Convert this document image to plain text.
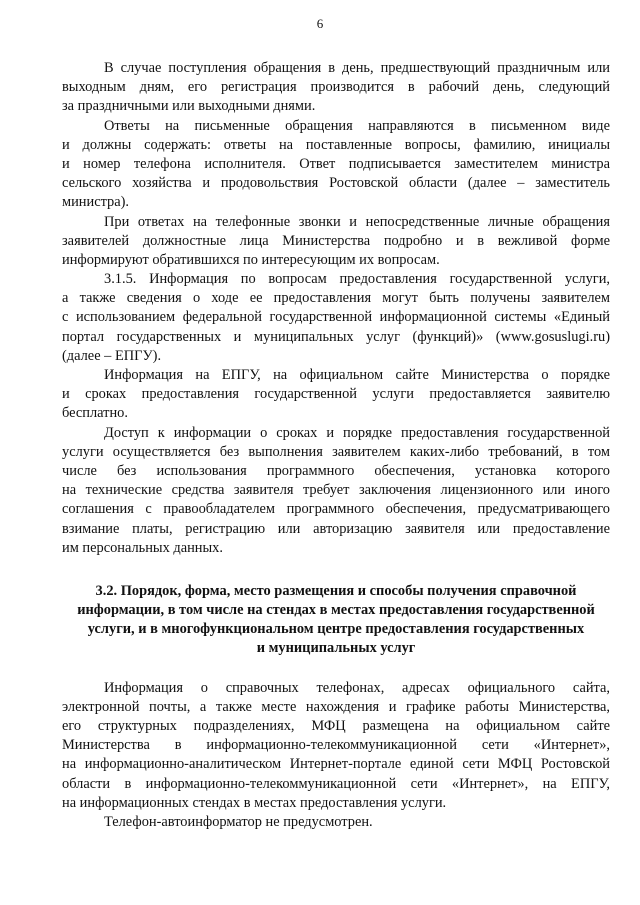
6
В случае поступления обращения в день, предшествующий праздничным или
выходным дням, его регистрация производится в рабочий день, следующий
за праздничными или выходными днями.
Ответы на письменные обращения направляются в письменном виде
и должны содержать: ответы на поставленные вопросы, фамилию, инициалы
и номер телефона исполнителя. Ответ подписывается заместителем министра
сельского хозяйства и продовольствия Ростовской области (далее – заместитель
министра).
При ответах на телефонные звонки и непосредственные личные обращения
заявителей должностные лица Министерства подробно и в вежливой форме
информируют обратившихся по интересующим их вопросам.
3.1.5. Информация по вопросам предоставления государственной услуги,
а также сведения о ходе ее предоставления могут быть получены заявителем
с использованием федеральной государственной информационной системы «Единый
портал государственных и муниципальных услуг (функций)» (www.gosuslugi.ru)
(далее – ЕПГУ).
Информация на ЕПГУ, на официальном сайте Министерства о порядке
и сроках предоставления государственной услуги предоставляется заявителю
бесплатно.
Доступ к информации о сроках и порядке предоставления государственной
услуги осуществляется без выполнения заявителем каких-либо требований, в том
числе без использования программного обеспечения, установка которого
на технические средства заявителя требует заключения лицензионного или иного
соглашения с правообладателем программного обеспечения, предусматривающего
взимание платы, регистрацию или авторизацию заявителя или предоставление
им персональных данных.
3.2. Порядок, форма, место размещения и способы получения справочной
информации, в том числе на стендах в местах предоставления государственной
услуги, и в многофункциональном центре предоставления государственных
и муниципальных услуг
Информация о справочных телефонах, адресах официального сайта,
электронной почты, а также месте нахождения и графике работы Министерства,
его структурных подразделениях, МФЦ размещена на официальном сайте
Министерства в информационно-телекоммуникационной сети «Интернет»,
на информационно-аналитическом Интернет-портале единой сети МФЦ Ростовской
области в информационно-телекоммуникационной сети «Интернет», на ЕПГУ,
на информационных стендах в местах предоставления услуги.
Телефон-автоинформатор не предусмотрен.
